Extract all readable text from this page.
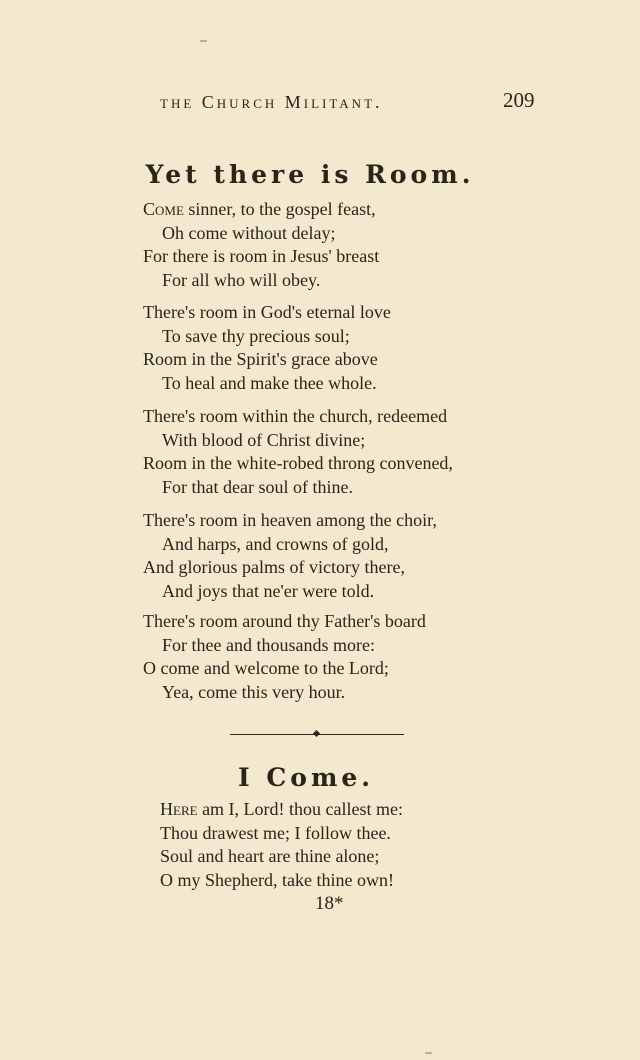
the Church Militant.	209
Yet there is Room.
Come sinner, to the gospel feast,
Oh come without delay;
For there is room in Jesus' breast
For all who will obey.
There's room in God's eternal love
To save thy precious soul;
Room in the Spirit's grace above
To heal and make thee whole.
There's room within the church, redeemed
With blood of Christ divine;
Room in the white-robed throng convened,
For that dear soul of thine.
There's room in heaven among the choir,
And harps, and crowns of gold,
And glorious palms of victory there,
And joys that ne'er were told.
There's room around thy Father's board
For thee and thousands more:
O come and welcome to the Lord;
Yea, come this very hour.
I Come.
Here am I, Lord! thou callest me:
Thou drawest me; I follow thee.
Soul and heart are thine alone;
O my Shepherd, take thine own!
18*
